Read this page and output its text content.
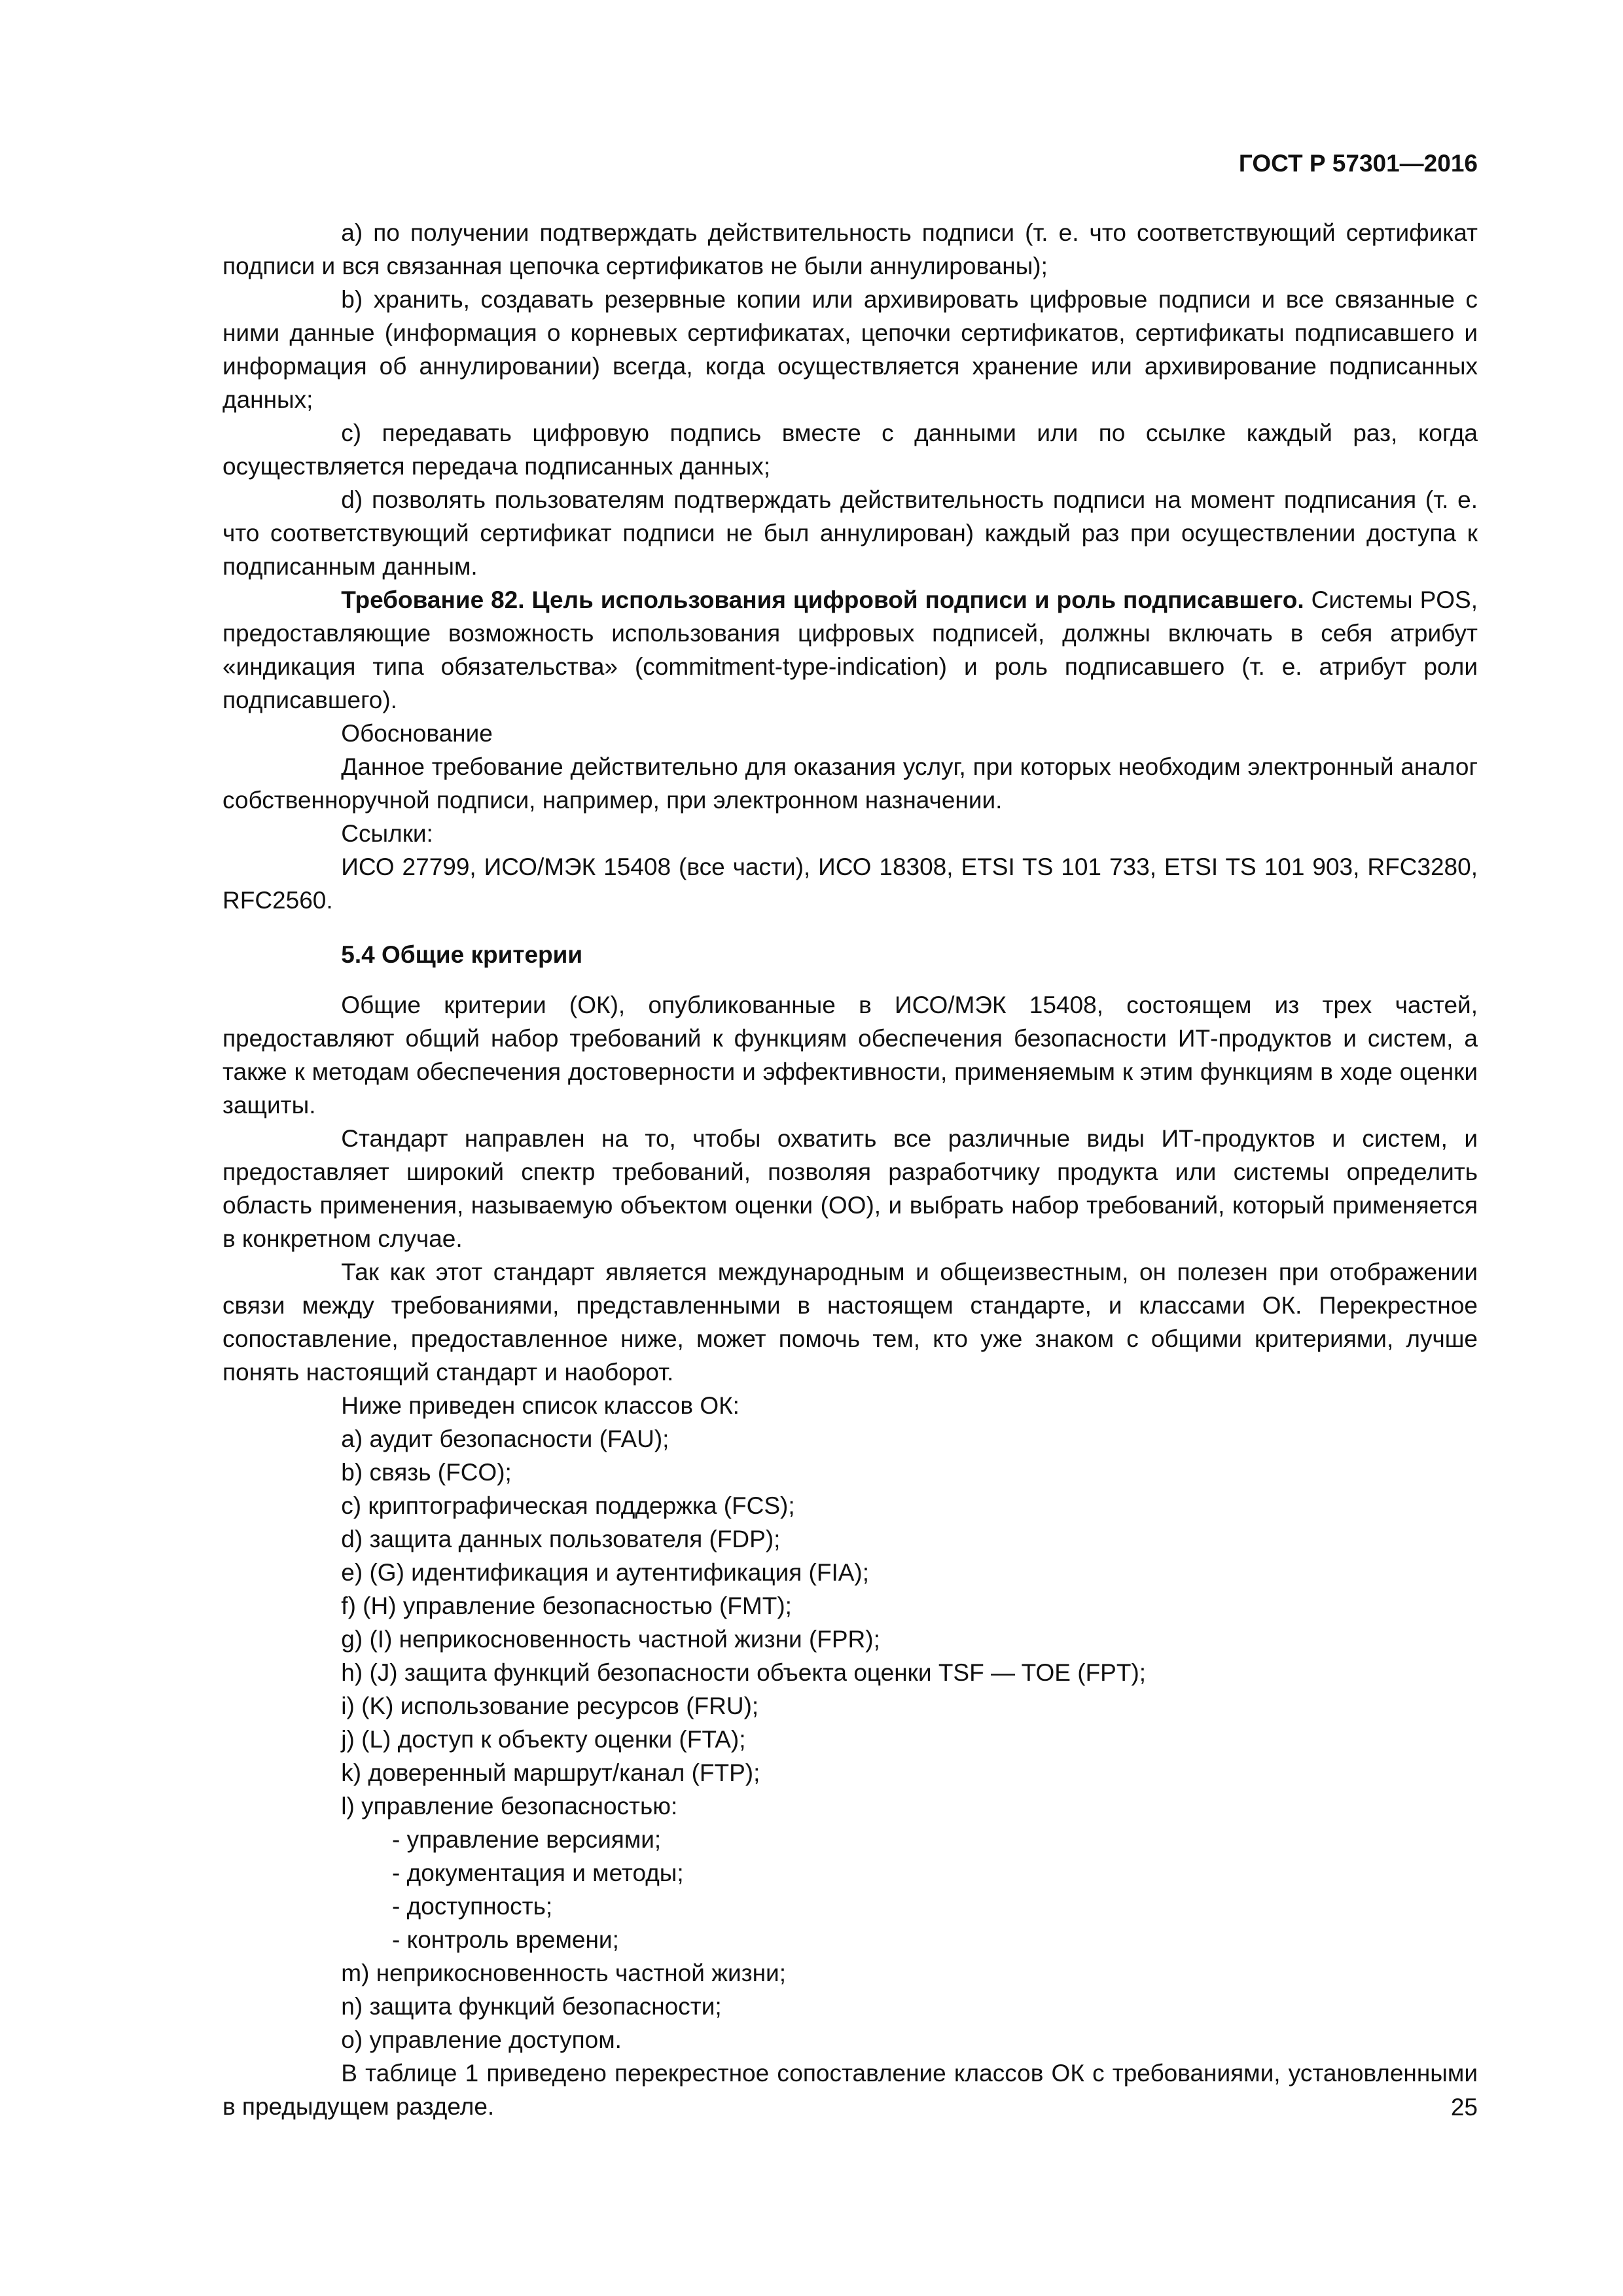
ГОСТ Р 57301—2016

a) по получении подтверждать действительность подписи (т. е. что соответствующий сертификат подписи и вся связанная цепочка сертификатов не были аннулированы);

b) хранить, создавать резервные копии или архивировать цифровые подписи и все связанные с ними данные (информация о корневых сертификатах, цепочки сертификатов, сертификаты подписавшего и информация об аннулировании) всегда, когда осуществляется хранение или архивирование подписанных данных;

c) передавать цифровую подпись вместе с данными или по ссылке каждый раз, когда осуществляется передача подписанных данных;

d) позволять пользователям подтверждать действительность подписи на момент подписания (т. е. что соответствующий сертификат подписи не был аннулирован) каждый раз при осуществлении доступа к подписанным данным.

Требование 82. Цель использования цифровой подписи и роль подписавшего. Системы POS, предоставляющие возможность использования цифровых подписей, должны включать в себя атрибут «индикация типа обязательства» (commitment-type-indication) и роль подписавшего (т. е. атрибут роли подписавшего).

Обоснование

Данное требование действительно для оказания услуг, при которых необходим электронный аналог собственноручной подписи, например, при электронном назначении.

Ссылки:

ИСО 27799, ИСО/МЭК 15408 (все части), ИСО 18308, ETSI TS 101 733, ETSI TS 101 903, RFC3280, RFC2560.

5.4 Общие критерии

Общие критерии (ОК), опубликованные в ИСО/МЭК 15408, состоящем из трех частей, предоставляют общий набор требований к функциям обеспечения безопасности ИТ-продуктов и систем, а также к методам обеспечения достоверности и эффективности, применяемым к этим функциям в ходе оценки защиты.

Стандарт направлен на то, чтобы охватить все различные виды ИТ-продуктов и систем, и предоставляет широкий спектр требований, позволяя разработчику продукта или системы определить область применения, называемую объектом оценки (ОО), и выбрать набор требований, который применяется в конкретном случае.

Так как этот стандарт является международным и общеизвестным, он полезен при отображении связи между требованиями, представленными в настоящем стандарте, и классами ОК. Перекрестное сопоставление, предоставленное ниже, может помочь тем, кто уже знаком с общими критериями, лучше понять настоящий стандарт и наоборот.

Ниже приведен список классов ОК:

a) аудит безопасности (FAU);

b) связь (FCO);

c) криптографическая поддержка (FCS);

d) защита данных пользователя (FDP);

e) (G) идентификация и аутентификация (FIA);

f) (H) управление безопасностью (FMT);

g) (I) неприкосновенность частной жизни (FPR);

h) (J) защита функций безопасности объекта оценки TSF — TOE (FPT);

i) (K) использование ресурсов (FRU);

j) (L) доступ к объекту оценки (FTA);

k) доверенный маршрут/канал (FTP);

l) управление безопасностью:

- управление версиями;

- документация и методы;

- доступность;

- контроль времени;

m) неприкосновенность частной жизни;

n) защита функций безопасности;

o) управление доступом.

В таблице 1 приведено перекрестное сопоставление классов ОК с требованиями, установленными в предыдущем разделе.	25
